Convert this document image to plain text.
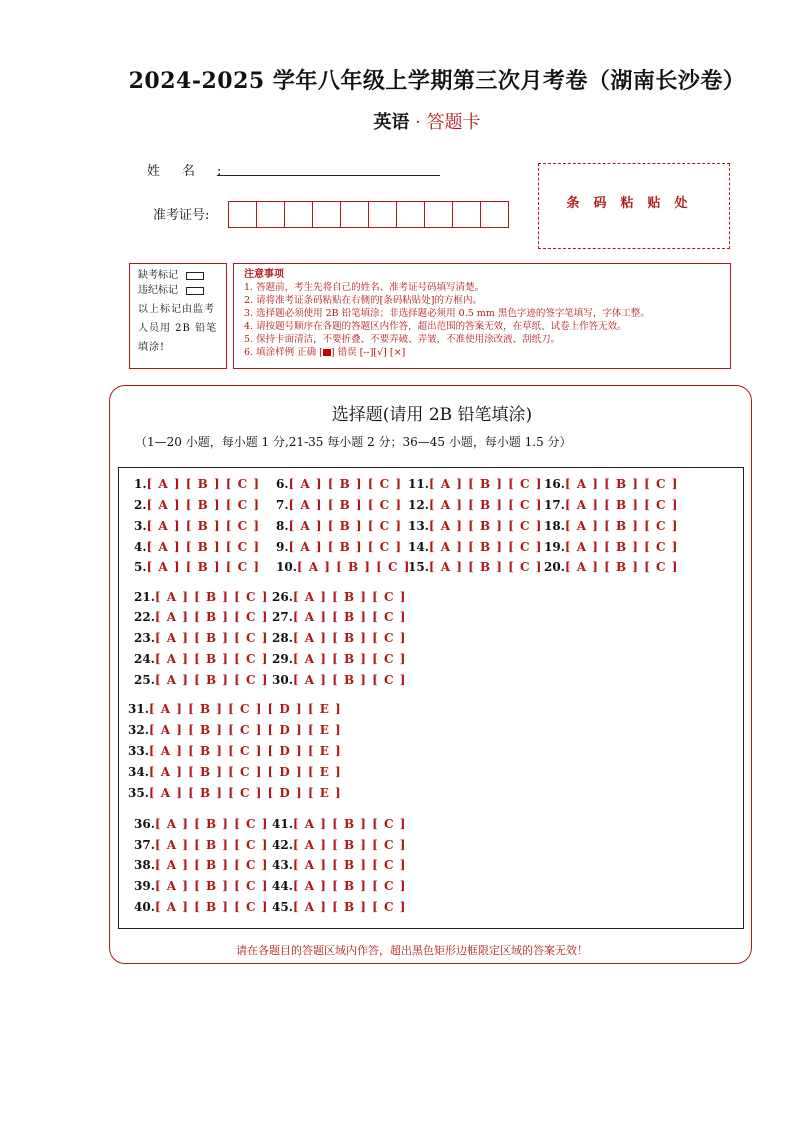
2024-2025 学年八年级上学期第三次月考卷（湖南长沙卷）
英语 · 答题卡
姓名:
准考证号:
条码粘贴处
缺考标记
违纪标记
以上标记由监考人员用 2B 铅笔填涂!
注意事项
1. 答题前，考生先将自己的姓名、准考证号码填写清楚。
2. 请将准考证条码粘贴在右侧的[条码粘贴处]的方框内。
3. 选择题必须使用 2B 铅笔填涂；非选择题必须用 0.5 mm 黑色字迹的签字笔填写，字体工整。
4. 请按题号顺序在各题的答题区内作答，超出范围的答案无效，在草纸、试卷上作答无效。
5. 保持卡面清洁，不要折叠、不要弄破、弄皱，不准使用涂改液、刮纸刀。
6. 填涂样例 正确 [ ] 错误 [--][√] [×]
选择题(请用 2B 铅笔填涂)
（1—20 小题，每小题 1 分,21-35 每小题 2 分；36—45 小题，每小题 1.5 分）
1.[ A ] [ B ] [ C ]
2.[ A ] [ B ] [ C ]
3.[ A ] [ B ] [ C ]
4.[ A ] [ B ] [ C ]
5.[ A ] [ B ] [ C ]
6.[ A ] [ B ] [ C ]
7.[ A ] [ B ] [ C ]
8.[ A ] [ B ] [ C ]
9.[ A ] [ B ] [ C ]
10.[ A ] [ B ] [ C ]
11.[ A ] [ B ] [ C ]
12.[ A ] [ B ] [ C ]
13.[ A ] [ B ] [ C ]
14.[ A ] [ B ] [ C ]
15.[ A ] [ B ] [ C ]
16.[ A ] [ B ] [ C ]
17.[ A ] [ B ] [ C ]
18.[ A ] [ B ] [ C ]
19.[ A ] [ B ] [ C ]
20.[ A ] [ B ] [ C ]
21.[ A ] [ B ] [ C ]
22.[ A ] [ B ] [ C ]
23.[ A ] [ B ] [ C ]
24.[ A ] [ B ] [ C ]
25.[ A ] [ B ] [ C ]
26.[ A ] [ B ] [ C ]
27.[ A ] [ B ] [ C ]
28.[ A ] [ B ] [ C ]
29.[ A ] [ B ] [ C ]
30.[ A ] [ B ] [ C ]
31.[ A ] [ B ] [ C ] [ D ] [ E ]
32.[ A ] [ B ] [ C ] [ D ] [ E ]
33.[ A ] [ B ] [ C ] [ D ] [ E ]
34.[ A ] [ B ] [ C ] [ D ] [ E ]
35.[ A ] [ B ] [ C ] [ D ] [ E ]
36.[ A ] [ B ] [ C ]
37.[ A ] [ B ] [ C ]
38.[ A ] [ B ] [ C ]
39.[ A ] [ B ] [ C ]
40.[ A ] [ B ] [ C ]
41.[ A ] [ B ] [ C ]
42.[ A ] [ B ] [ C ]
43.[ A ] [ B ] [ C ]
44.[ A ] [ B ] [ C ]
45.[ A ] [ B ] [ C ]
请在各题目的答题区域内作答，超出黑色矩形边框限定区域的答案无效！
